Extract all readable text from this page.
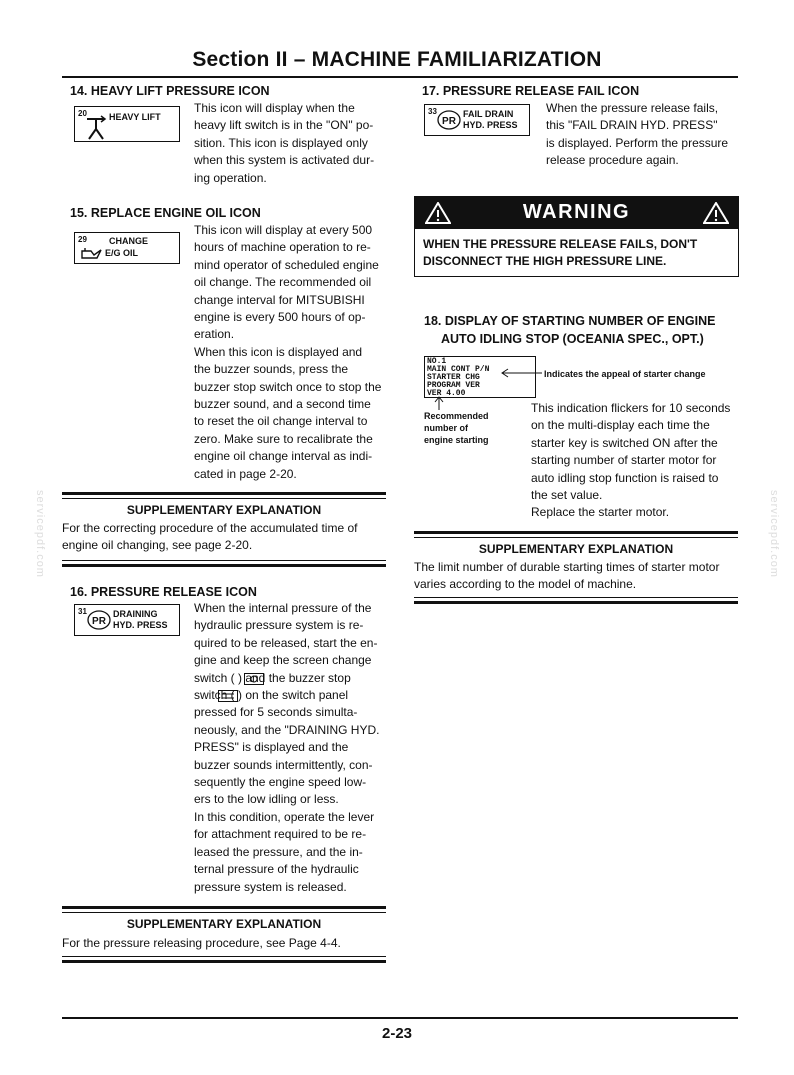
Section II – MACHINE FAMILIARIZATION
servicepdf.com	servicepdf.com
14. HEAVY LIFT PRESSURE ICON
20 HEAVY LIFT
This icon will display when the
heavy lift switch is in the "ON" po-
sition. This icon is displayed only
when this system is activated dur-
ing operation.
15. REPLACE ENGINE OIL ICON
29 CHANGE
E/G OIL
This icon will display at every 500
hours of machine operation to re-
mind operator of scheduled engine
oil change. The recommended oil
change interval for MITSUBISHI
engine is every 500 hours of op-
eration.
When this icon is displayed and
the buzzer sounds, press the
buzzer stop switch once to stop the
buzzer sound, and a second time
to reset the oil change interval to
zero. Make sure to recalibrate the
engine oil change interval as indi-
cated in page 2-20.
SUPPLEMENTARY EXPLANATION
For the correcting procedure of the accumulated time of
engine oil changing, see page 2-20.
16. PRESSURE RELEASE ICON
31
PR
DRAINING
HYD. PRESS
When the internal pressure of the
hydraulic pressure system is re-
quired to be released, start the en-
gine and keep the screen change
switch ( ) and the buzzer stop
switch ( ) on the switch panel
pressed for 5 seconds simulta-
neously, and the "DRAINING HYD.
PRESS" is displayed and the
buzzer sounds intermittently, con-
sequently the engine speed low-
ers to the low idling or less.
In this condition, operate the lever
for attachment required to be re-
leased the pressure, and the in-
ternal pressure of the hydraulic
pressure system is released.
SUPPLEMENTARY EXPLANATION
For the pressure releasing procedure, see Page 4-4.
17. PRESSURE RELEASE FAIL ICON
33
PR
FAIL DRAIN
HYD. PRESS
When the pressure release fails,
this "FAIL DRAIN HYD. PRESS"
is displayed. Perform the pressure
release procedure again.
WARNING
WHEN THE PRESSURE RELEASE FAILS, DON'T
DISCONNECT THE HIGH PRESSURE LINE.
18. DISPLAY OF STARTING NUMBER OF ENGINE
AUTO IDLING STOP (OCEANIA SPEC., OPT.)
NO.1
MAIN CONT P/N
STARTER CHG
PROGRAM VER
VER 4.00
Indicates the appeal of starter change
Recommended
number of
engine starting
This indication flickers for 10 seconds
on the multi-display each time the
starter key is switched ON after the
starting number of starter motor for
auto idling stop function is raised to
the set value.
Replace the starter motor.
SUPPLEMENTARY EXPLANATION
The limit number of durable starting times of starter motor
varies according to the model of machine.
2-23
